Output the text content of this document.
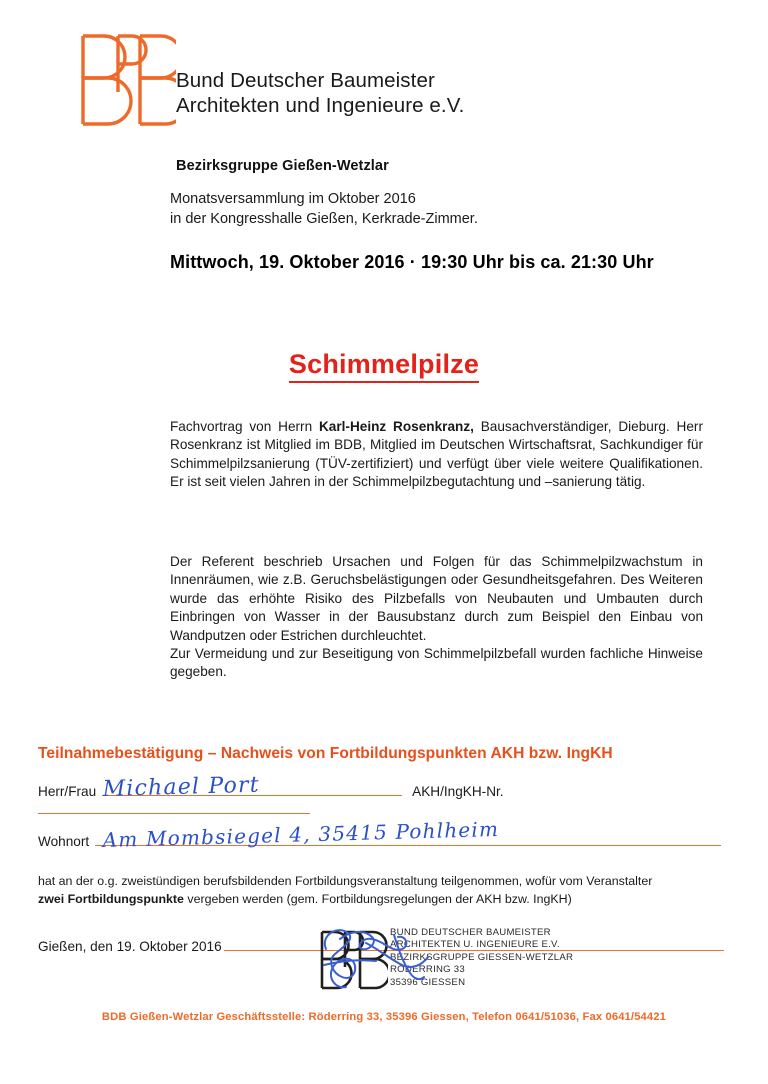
Bund Deutscher Baumeister
Architekten und Ingenieure e.V.
Bezirksgruppe Gießen-Wetzlar
Monatsversammlung im Oktober 2016
in der Kongresshalle Gießen, Kerkrade-Zimmer.
Mittwoch, 19. Oktober 2016 · 19:30 Uhr bis ca. 21:30 Uhr
Schimmelpilze
Fachvortrag von Herrn Karl-Heinz Rosenkranz, Bausachverständiger, Dieburg. Herr Rosenkranz ist Mitglied im BDB, Mitglied im Deutschen Wirtschaftsrat, Sachkundiger für Schimmelpilzsanierung (TÜV-zertifiziert) und verfügt über viele weitere Qualifikationen. Er ist seit vielen Jahren in der Schimmelpilzbegutachtung und –sanierung tätig.
Der Referent beschrieb Ursachen und Folgen für das Schimmelpilzwachstum in Innenräumen, wie z.B. Geruchsbelästigungen oder Gesundheitsgefahren. Des Weiteren wurde das erhöhte Risiko des Pilzbefalls von Neubauten und Umbauten durch Einbringen von Wasser in der Bausubstanz durch zum Beispiel den Einbau von Wandputzen oder Estrichen durchleuchtet.
Zur Vermeidung und zur Beseitigung von Schimmelpilzbefall wurden fachliche Hinweise gegeben.
Teilnahmebestätigung – Nachweis von Fortbildungspunkten AKH bzw. IngKH
Herr/Frau	AKH/IngKH-Nr.
Michael Port
Wohnort Am Mombsiegel 4, 35415 Pohlheim
hat an der o.g. zweistündigen berufsbildenden Fortbildungsveranstaltung teilgenommen, wofür vom Veranstalter
zwei Fortbildungspunkte vergeben werden (gem. Fortbildungsregelungen der AKH bzw. IngKH)
Gießen, den 19. Oktober 2016
BUND DEUTSCHER BAUMEISTER
ARCHITEKTEN U. INGENIEURE E.V.
BEZIRKSGRUPPE GIESSEN-WETZLAR
RÖDERRING 33
35396 GIESSEN
BDB Gießen-Wetzlar Geschäftsstelle: Röderring 33, 35396 Giessen, Telefon 0641/51036, Fax 0641/54421
